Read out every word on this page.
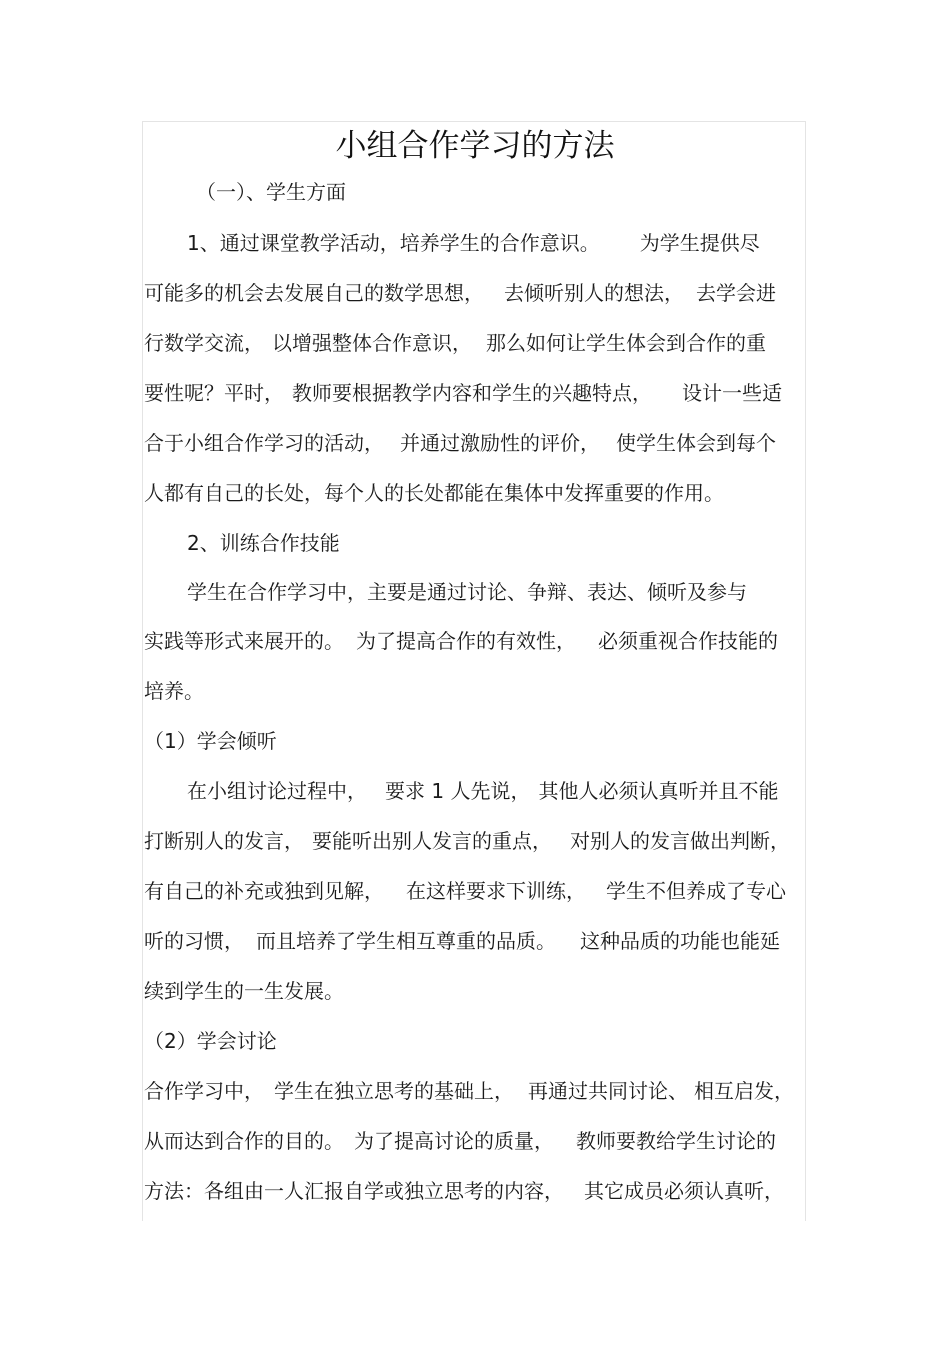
小组合作学习的方法
（一）、学生方面
1、通过课堂教学活动，培养学生的合作意识。 为学生提供尽
可能多的机会去发展自己的数学思想， 去倾听别人的想法， 去学会进
行数学交流， 以增强整体合作意识， 那么如何让学生体会到合作的重
要性呢？平时， 教师要根据教学内容和学生的兴趣特点， 设计一些适
合于小组合作学习的活动， 并通过激励性的评价， 使学生体会到每个
人都有自己的长处，每个人的长处都能在集体中发挥重要的作用。
2、训练合作技能
学生在合作学习中，主要是通过讨论、争辩、表达、倾听及参与
实践等形式来展开的。 为了提高合作的有效性， 必须重视合作技能的
培养。
（1）学会倾听
在小组讨论过程中， 要求 1 人先说， 其他人必须认真听并且不能
打断别人的发言， 要能听出别人发言的重点， 对别人的发言做出判断，
有自己的补充或独到见解， 在这样要求下训练， 学生不但养成了专心
听的习惯， 而且培养了学生相互尊重的品质。 这种品质的功能也能延
续到学生的一生发展。
（2）学会讨论
合作学习中， 学生在独立思考的基础上， 再通过共同讨论、 相互启发，
从而达到合作的目的。 为了提高讨论的质量， 教师要教给学生讨论的
方法：各组由一人汇报自学或独立思考的内容， 其它成员必须认真听，
